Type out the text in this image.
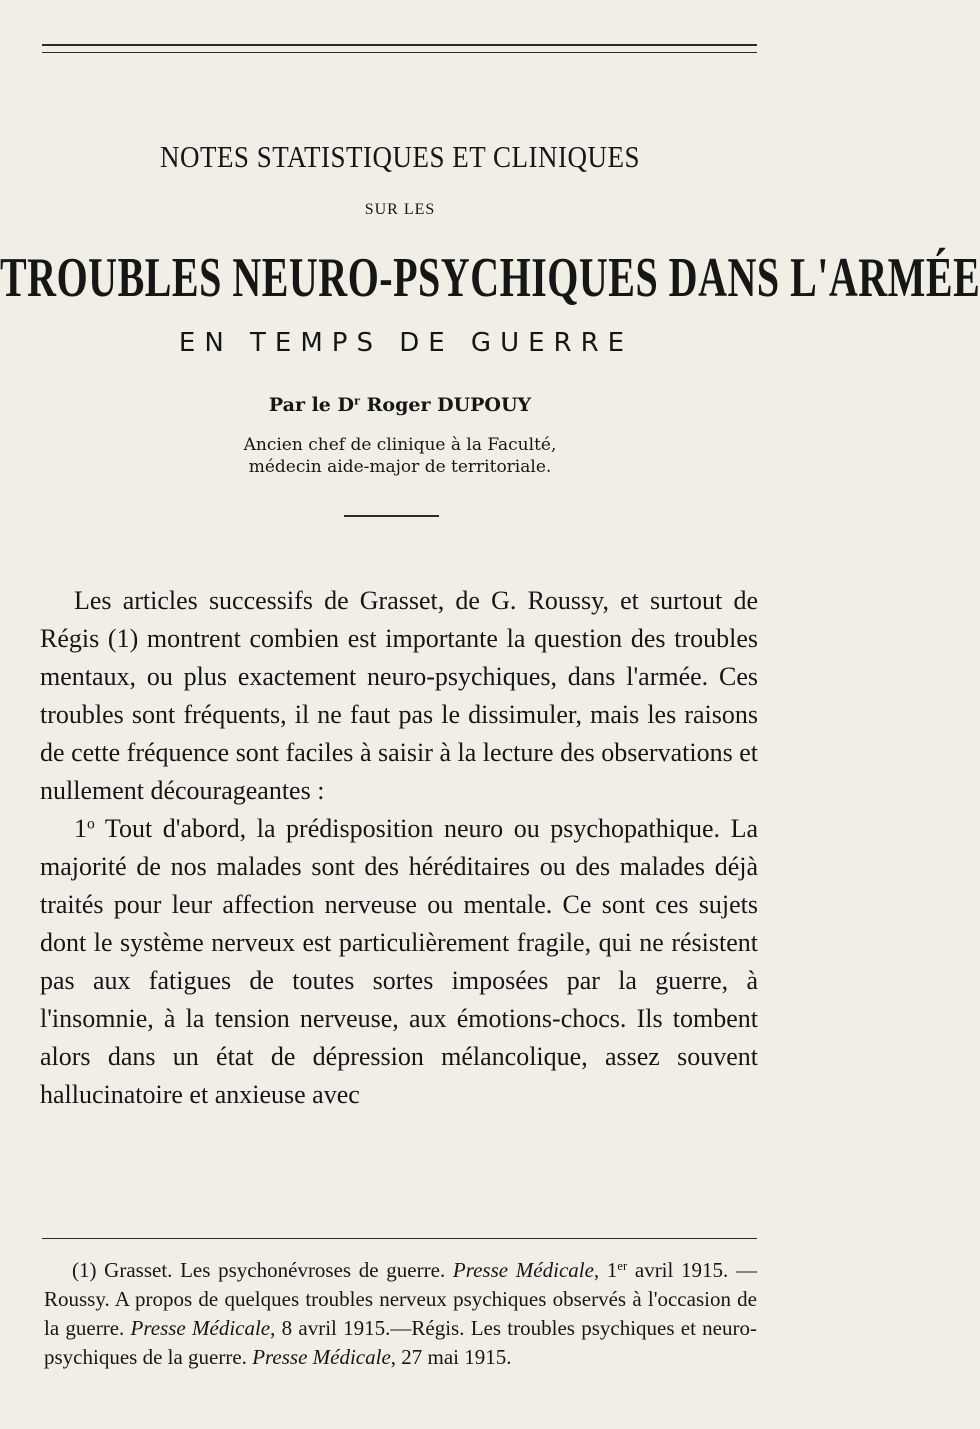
NOTES STATISTIQUES ET CLINIQUES
SUR LES
TROUBLES NEURO-PSYCHIQUES DANS L'ARMÉE
EN TEMPS DE GUERRE
Par le $D^r$ Roger DUPOUY
Ancien chef de clinique à la Faculté,
médecin aide-major de territoriale.

Les articles successifs de Grasset, de G. Roussy, et surtout de Régis (1) montrent combien est importante la question des troubles mentaux, ou plus exactement neuro-psychiques, dans l'armée. Ces troubles sont fréquents, il ne faut pas le dissimuler, mais les raisons de cette fréquence sont faciles à saisir à la lecture des observations et nullement décourageantes :

1$^o$ Tout d'abord, la prédisposition neuro ou psychopathique. La majorité de nos malades sont des héréditaires ou des malades déjà traités pour leur affection nerveuse ou mentale. Ce sont ces sujets dont le système nerveux est particulièrement fragile, qui ne résistent pas aux fatigues de toutes sortes imposées par la guerre, à l'insomnie, à la tension nerveuse, aux émotions-chocs. Ils tombent alors dans un état de dépression mélancolique, assez souvent hallucinatoire et anxieuse avec

(1) Grasset. Les psychonévroses de guerre. Presse Médicale, 1er avril 1915. — Roussy. A propos de quelques troubles nerveux psychiques observés à l'occasion de la guerre. Presse Médicale, 8 avril 1915.—Régis. Les troubles psychiques et neuro-psychiques de la guerre. Presse Médicale, 27 mai 1915.
